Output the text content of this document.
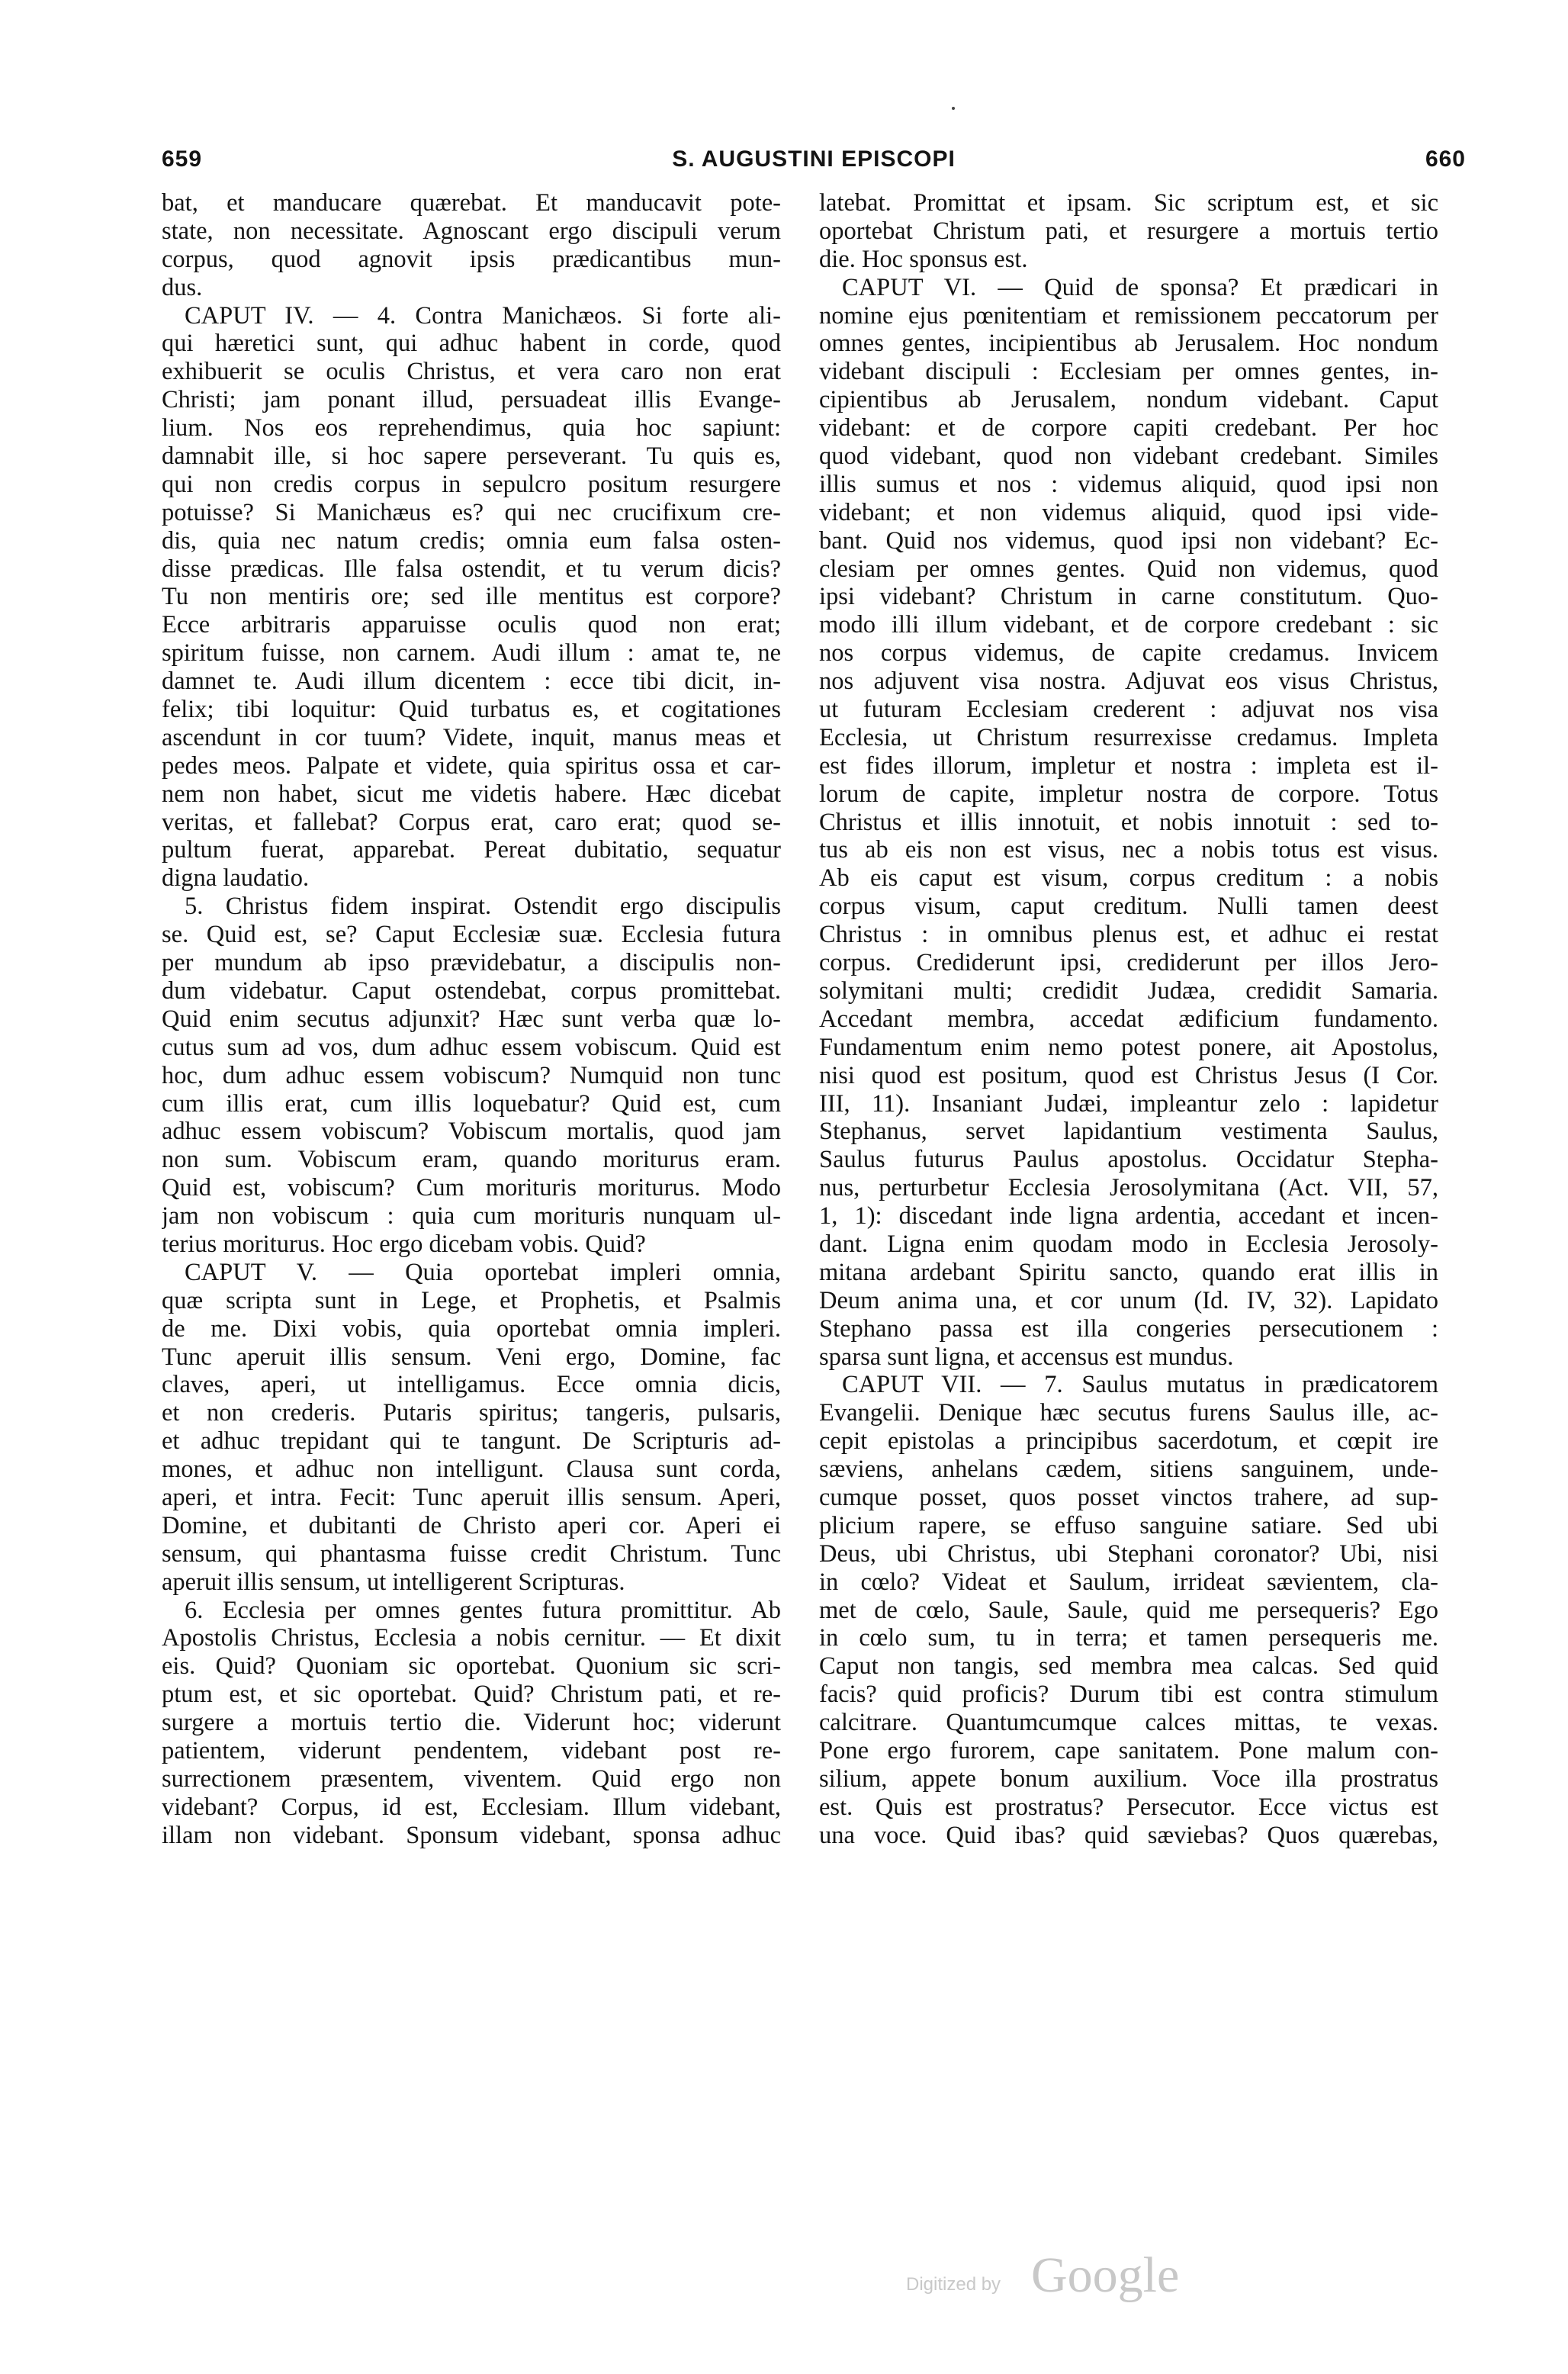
659	S. AUGUSTINI EPISCOPI	660
bat, et manducare quærebat. Et manducavit pote-
state, non necessitate. Agnoscant ergo discipuli verum
corpus, quod agnovit ipsis prædicantibus mun-
dus.
CAPUT IV. — 4. Contra Manichæos. Si forte ali-
qui hæretici sunt, qui adhuc habent in corde, quod
exhibuerit se oculis Christus, et vera caro non erat
Christi; jam ponant illud, persuadeat illis Evange-
lium. Nos eos reprehendimus, quia hoc sapiunt:
damnabit ille, si hoc sapere perseverant. Tu quis es,
qui non credis corpus in sepulcro positum resurgere
potuisse? Si Manichæus es? qui nec crucifixum cre-
dis, quia nec natum credis; omnia eum falsa osten-
disse prædicas. Ille falsa ostendit, et tu verum dicis?
Tu non mentiris ore; sed ille mentitus est corpore?
Ecce arbitraris apparuisse oculis quod non erat;
spiritum fuisse, non carnem. Audi illum : amat te, ne
damnet te. Audi illum dicentem : ecce tibi dicit, in-
felix; tibi loquitur: Quid turbatus es, et cogitationes
ascendunt in cor tuum? Videte, inquit, manus meas et
pedes meos. Palpate et videte, quia spiritus ossa et car-
nem non habet, sicut me videtis habere. Hæc dicebat
veritas, et fallebat? Corpus erat, caro erat; quod se-
pultum fuerat, apparebat. Pereat dubitatio, sequatur
digna laudatio.
5. Christus fidem inspirat. Ostendit ergo discipulis
se. Quid est, se? Caput Ecclesiæ suæ. Ecclesia futura
per mundum ab ipso prævidebatur, a discipulis non-
dum videbatur. Caput ostendebat, corpus promittebat.
Quid enim secutus adjunxit? Hæc sunt verba quæ lo-
cutus sum ad vos, dum adhuc essem vobiscum. Quid est
hoc, dum adhuc essem vobiscum? Numquid non tunc
cum illis erat, cum illis loquebatur? Quid est, cum
adhuc essem vobiscum? Vobiscum mortalis, quod jam
non sum. Vobiscum eram, quando moriturus eram.
Quid est, vobiscum? Cum morituris moriturus. Modo
jam non vobiscum : quia cum morituris nunquam ul-
terius moriturus. Hoc ergo dicebam vobis. Quid?
CAPUT V. — Quia oportebat impleri omnia,
quæ scripta sunt in Lege, et Prophetis, et Psalmis
de me. Dixi vobis, quia oportebat omnia impleri.
Tunc aperuit illis sensum. Veni ergo, Domine, fac
claves, aperi, ut intelligamus. Ecce omnia dicis,
et non crederis. Putaris spiritus; tangeris, pulsaris,
et adhuc trepidant qui te tangunt. De Scripturis ad-
mones, et adhuc non intelligunt. Clausa sunt corda,
aperi, et intra. Fecit: Tunc aperuit illis sensum. Aperi,
Domine, et dubitanti de Christo aperi cor. Aperi ei
sensum, qui phantasma fuisse credit Christum. Tunc
aperuit illis sensum, ut intelligerent Scripturas.
6. Ecclesia per omnes gentes futura promittitur. Ab
Apostolis Christus, Ecclesia a nobis cernitur. — Et dixit
eis. Quid? Quoniam sic oportebat. Quonium sic scri-
ptum est, et sic oportebat. Quid? Christum pati, et re-
surgere a mortuis tertio die. Viderunt hoc; viderunt
patientem, viderunt pendentem, videbant post re-
surrectionem præsentem, viventem. Quid ergo non
videbant? Corpus, id est, Ecclesiam. Illum videbant,
illam non videbant. Sponsum videbant, sponsa adhuc
latebat. Promittat et ipsam. Sic scriptum est, et sic
oportebat Christum pati, et resurgere a mortuis tertio
die. Hoc sponsus est.
CAPUT VI. — Quid de sponsa? Et prædicari in
nomine ejus pœnitentiam et remissionem peccatorum per
omnes gentes, incipientibus ab Jerusalem. Hoc nondum
videbant discipuli : Ecclesiam per omnes gentes, in-
cipientibus ab Jerusalem, nondum videbant. Caput
videbant: et de corpore capiti credebant. Per hoc
quod videbant, quod non videbant credebant. Similes
illis sumus et nos : videmus aliquid, quod ipsi non
videbant; et non videmus aliquid, quod ipsi vide-
bant. Quid nos videmus, quod ipsi non videbant? Ec-
clesiam per omnes gentes. Quid non videmus, quod
ipsi videbant? Christum in carne constitutum. Quo-
modo illi illum videbant, et de corpore credebant : sic
nos corpus videmus, de capite credamus. Invicem
nos adjuvent visa nostra. Adjuvat eos visus Christus,
ut futuram Ecclesiam crederent : adjuvat nos visa
Ecclesia, ut Christum resurrexisse credamus. Impleta
est fides illorum, impletur et nostra : impleta est il-
lorum de capite, impletur nostra de corpore. Totus
Christus et illis innotuit, et nobis innotuit : sed to-
tus ab eis non est visus, nec a nobis totus est visus.
Ab eis caput est visum, corpus creditum : a nobis
corpus visum, caput creditum. Nulli tamen deest
Christus : in omnibus plenus est, et adhuc ei restat
corpus. Crediderunt ipsi, crediderunt per illos Jero-
solymitani multi; credidit Judæa, credidit Samaria.
Accedant membra, accedat ædificium fundamento.
Fundamentum enim nemo potest ponere, ait Apostolus,
nisi quod est positum, quod est Christus Jesus (I Cor.
III, 11). Insaniant Judæi, impleantur zelo : lapidetur
Stephanus, servet lapidantium vestimenta Saulus,
Saulus futurus Paulus apostolus. Occidatur Stepha-
nus, perturbetur Ecclesia Jerosolymitana (Act. VII, 57,
1, 1): discedant inde ligna ardentia, accedant et incen-
dant. Ligna enim quodam modo in Ecclesia Jerosoly-
mitana ardebant Spiritu sancto, quando erat illis in
Deum anima una, et cor unum (Id. IV, 32). Lapidato
Stephano passa est illa congeries persecutionem :
sparsa sunt ligna, et accensus est mundus.
CAPUT VII. — 7. Saulus mutatus in prædicatorem
Evangelii. Denique hæc secutus furens Saulus ille, ac-
cepit epistolas a principibus sacerdotum, et cœpit ire
sæviens, anhelans cædem, sitiens sanguinem, unde-
cumque posset, quos posset vinctos trahere, ad sup-
plicium rapere, se effuso sanguine satiare. Sed ubi
Deus, ubi Christus, ubi Stephani coronator? Ubi, nisi
in cœlo? Videat et Saulum, irrideat sævientem, cla-
met de cœlo, Saule, Saule, quid me persequeris? Ego
in cœlo sum, tu in terra; et tamen persequeris me.
Caput non tangis, sed membra mea calcas. Sed quid
facis? quid proficis? Durum tibi est contra stimulum
calcitrare. Quantumcumque calces mittas, te vexas.
Pone ergo furorem, cape sanitatem. Pone malum con-
silium, appete bonum auxilium. Voce illa prostratus
est. Quis est prostratus? Persecutor. Ecce victus est
una voce. Quid ibas? quid sæviebas? Quos quærebas,
Digitized by Google
